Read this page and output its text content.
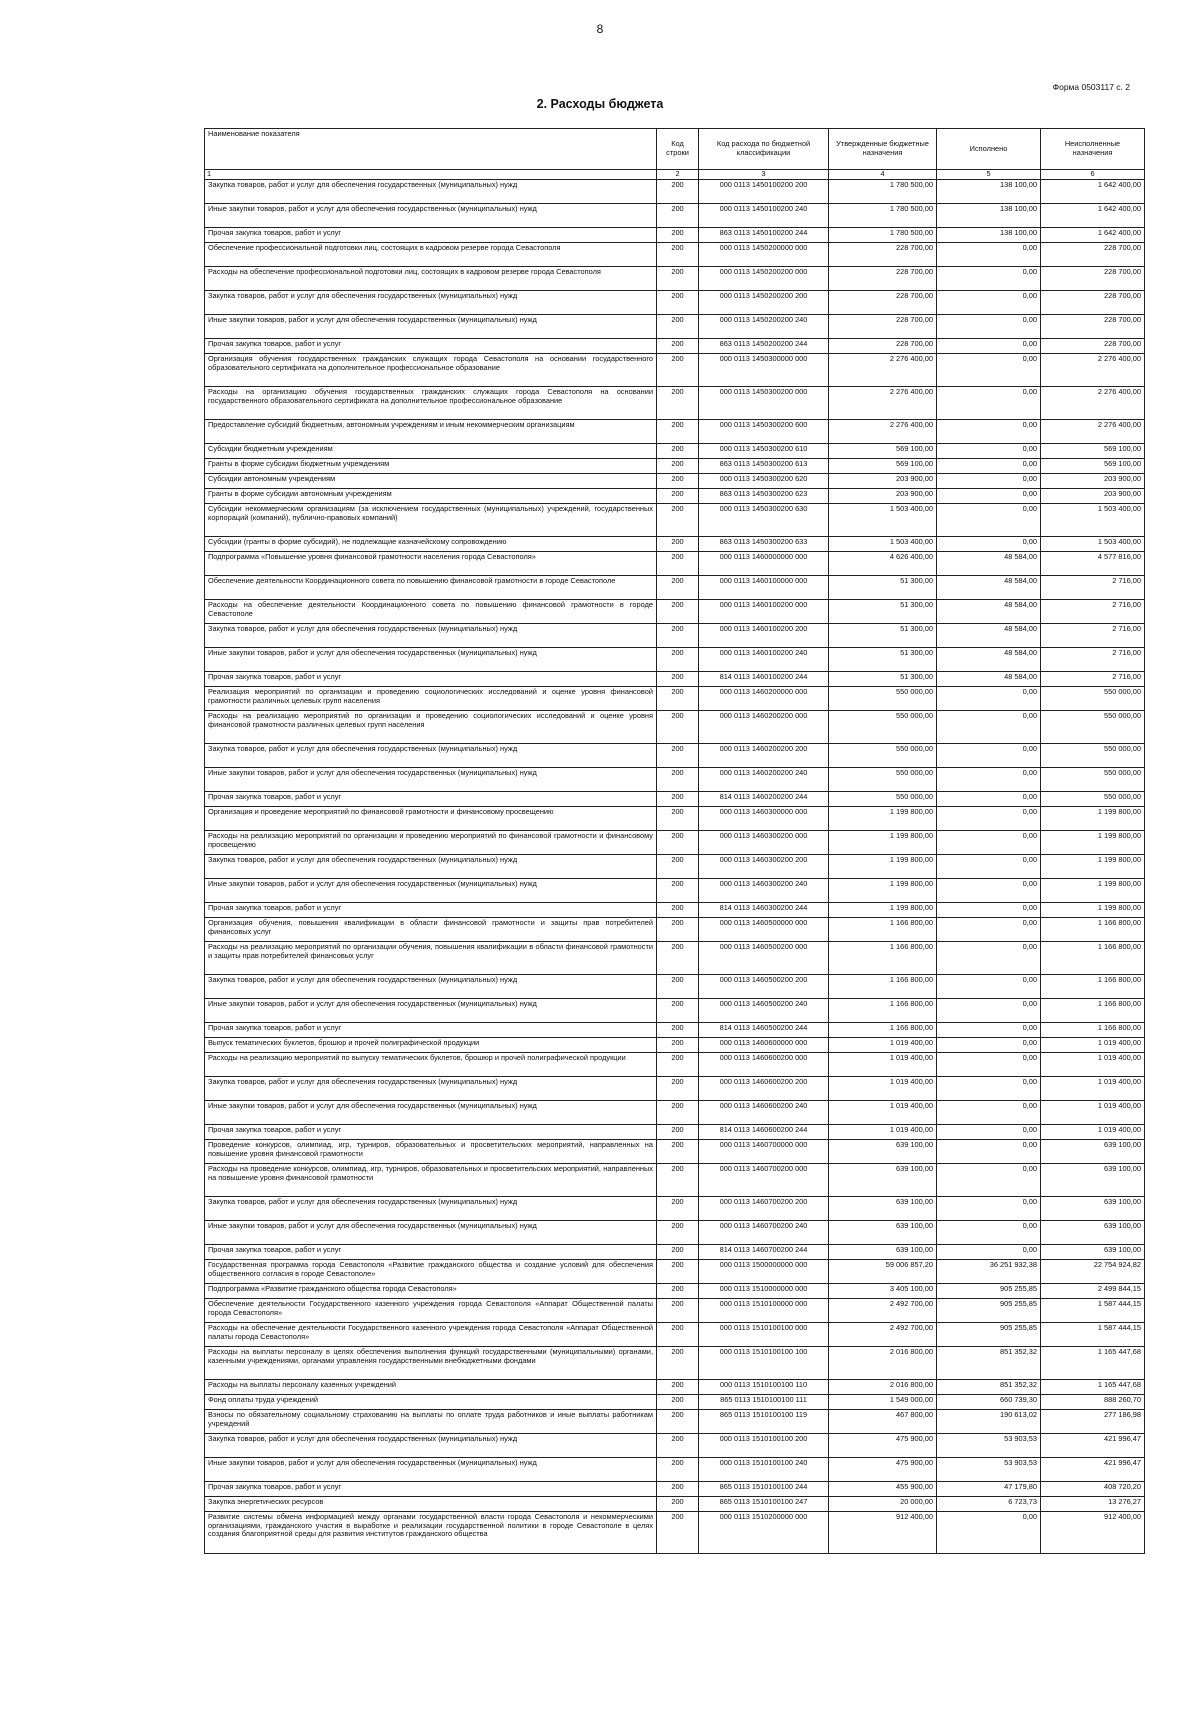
8
Форма 0503117 с. 2
2. Расходы бюджета
Наименование показателя	Код строки	Код расхода по бюджетной классификации	Утвержденные бюджетные назначения	Исполнено	Неисполненные назначения
1	2	3	4	5	6
Закупка товаров, работ и услуг для обеспечения государственных (муниципальных) нужд	200	000 0113 1450100200 200	1 780 500,00	138 100,00	1 642 400,00
Иные закупки товаров, работ и услуг для обеспечения государственных (муниципальных) нужд	200	000 0113 1450100200 240	1 780 500,00	138 100,00	1 642 400,00
Прочая закупка товаров, работ и услуг	200	863 0113 1450100200 244	1 780 500,00	138 100,00	1 642 400,00
Обеспечение профессиональной подготовки лиц, состоящих в кадровом резерве города Севастополя	200	000 0113 1450200000 000	228 700,00	0,00	228 700,00
Расходы на обеспечение профессиональной подготовки лиц, состоящих в кадровом резерве города Севастополя	200	000 0113 1450200200 000	228 700,00	0,00	228 700,00
Закупка товаров, работ и услуг для обеспечения государственных (муниципальных) нужд	200	000 0113 1450200200 200	228 700,00	0,00	228 700,00
Иные закупки товаров, работ и услуг для обеспечения государственных (муниципальных) нужд	200	000 0113 1450200200 240	228 700,00	0,00	228 700,00
Прочая закупка товаров, работ и услуг	200	863 0113 1450200200 244	228 700,00	0,00	228 700,00
Организация обучения государственных гражданских служащих города Севастополя на основании государственного образовательного сертификата на дополнительное профессиональное образование	200	000 0113 1450300000 000	2 276 400,00	0,00	2 276 400,00
Расходы на организацию обучения государственных гражданских служащих города Севастополя на основании государственного образовательного сертификата на дополнительное профессиональное образование	200	000 0113 1450300200 000	2 276 400,00	0,00	2 276 400,00
Предоставление субсидий бюджетным, автономным учреждениям и иным некоммерческим организациям	200	000 0113 1450300200 600	2 276 400,00	0,00	2 276 400,00
Субсидии бюджетным учреждениям	200	000 0113 1450300200 610	569 100,00	0,00	569 100,00
Гранты в форме субсидии бюджетным учреждениям	200	863 0113 1450300200 613	569 100,00	0,00	569 100,00
Субсидии автономным учреждениям	200	000 0113 1450300200 620	203 900,00	0,00	203 900,00
Гранты в форме субсидии автономным учреждениям	200	863 0113 1450300200 623	203 900,00	0,00	203 900,00
Субсидии некоммерческим организациям (за исключением государственных (муниципальных) учреждений, государственных корпораций (компаний), публично-правовых компаний)	200	000 0113 1450300200 630	1 503 400,00	0,00	1 503 400,00
Субсидии (гранты в форме субсидий), не подлежащие казначейскому сопровождению	200	863 0113 1450300200 633	1 503 400,00	0,00	1 503 400,00
Подпрограмма «Повышение уровня финансовой грамотности населения города Севастополя»	200	000 0113 1460000000 000	4 626 400,00	48 584,00	4 577 816,00
Обеспечение деятельности Координационного совета по повышению финансовой грамотности в городе Севастополе	200	000 0113 1460100000 000	51 300,00	48 584,00	2 716,00
Расходы на обеспечение деятельности Координационного совета по повышению финансовой грамотности в городе Севастополе	200	000 0113 1460100200 000	51 300,00	48 584,00	2 716,00
Закупка товаров, работ и услуг для обеспечения государственных (муниципальных) нужд	200	000 0113 1460100200 200	51 300,00	48 584,00	2 716,00
Иные закупки товаров, работ и услуг для обеспечения государственных (муниципальных) нужд	200	000 0113 1460100200 240	51 300,00	48 584,00	2 716,00
Прочая закупка товаров, работ и услуг	200	814 0113 1460100200 244	51 300,00	48 584,00	2 716,00
Реализация мероприятий по организации и проведению социологических исследований и оценке уровня финансовой грамотности различных целевых групп населения	200	000 0113 1460200000 000	550 000,00	0,00	550 000,00
Расходы на реализацию мероприятий по организации и проведению социологических исследований и оценке уровня финансовой грамотности различных целевых групп населения	200	000 0113 1460200200 000	550 000,00	0,00	550 000,00
Закупка товаров, работ и услуг для обеспечения государственных (муниципальных) нужд	200	000 0113 1460200200 200	550 000,00	0,00	550 000,00
Иные закупки товаров, работ и услуг для обеспечения государственных (муниципальных) нужд	200	000 0113 1460200200 240	550 000,00	0,00	550 000,00
Прочая закупка товаров, работ и услуг	200	814 0113 1460200200 244	550 000,00	0,00	550 000,00
Организация и проведение мероприятий по финансовой грамотности и финансовому просвещению	200	000 0113 1460300000 000	1 199 800,00	0,00	1 199 800,00
Расходы на реализацию мероприятий по организации и проведению мероприятий по финансовой грамотности и финансовому просвещению	200	000 0113 1460300200 000	1 199 800,00	0,00	1 199 800,00
Закупка товаров, работ и услуг для обеспечения государственных (муниципальных) нужд	200	000 0113 1460300200 200	1 199 800,00	0,00	1 199 800,00
Иные закупки товаров, работ и услуг для обеспечения государственных (муниципальных) нужд	200	000 0113 1460300200 240	1 199 800,00	0,00	1 199 800,00
Прочая закупка товаров, работ и услуг	200	814 0113 1460300200 244	1 199 800,00	0,00	1 199 800,00
Организация обучения, повышения квалификации в области финансовой грамотности и защиты прав потребителей финансовых услуг	200	000 0113 1460500000 000	1 166 800,00	0,00	1 166 800,00
Расходы на реализацию мероприятий по организации обучения, повышения квалификации в области финансовой грамотности и защиты прав потребителей финансовых услуг	200	000 0113 1460500200 000	1 166 800,00	0,00	1 166 800,00
Закупка товаров, работ и услуг для обеспечения государственных (муниципальных) нужд	200	000 0113 1460500200 200	1 166 800,00	0,00	1 166 800,00
Иные закупки товаров, работ и услуг для обеспечения государственных (муниципальных) нужд	200	000 0113 1460500200 240	1 166 800,00	0,00	1 166 800,00
Прочая закупка товаров, работ и услуг	200	814 0113 1460500200 244	1 166 800,00	0,00	1 166 800,00
Выпуск тематических буклетов, брошюр и прочей полиграфической продукции	200	000 0113 1460600000 000	1 019 400,00	0,00	1 019 400,00
Расходы на реализацию мероприятий по выпуску тематических буклетов, брошюр и прочей полиграфической продукции	200	000 0113 1460600200 000	1 019 400,00	0,00	1 019 400,00
Закупка товаров, работ и услуг для обеспечения государственных (муниципальных) нужд	200	000 0113 1460600200 200	1 019 400,00	0,00	1 019 400,00
Иные закупки товаров, работ и услуг для обеспечения государственных (муниципальных) нужд	200	000 0113 1460600200 240	1 019 400,00	0,00	1 019 400,00
Прочая закупка товаров, работ и услуг	200	814 0113 1460600200 244	1 019 400,00	0,00	1 019 400,00
Проведение конкурсов, олимпиад, игр, турниров, образовательных и просветительских мероприятий, направленных на повышение уровня финансовой грамотности	200	000 0113 1460700000 000	639 100,00	0,00	639 100,00
Расходы на проведение конкурсов, олимпиад, игр, турниров, образовательных и просветительских мероприятий, направленных на повышение уровня финансовой грамотности	200	000 0113 1460700200 000	639 100,00	0,00	639 100,00
Закупка товаров, работ и услуг для обеспечения государственных (муниципальных) нужд	200	000 0113 1460700200 200	639 100,00	0,00	639 100,00
Иные закупки товаров, работ и услуг для обеспечения государственных (муниципальных) нужд	200	000 0113 1460700200 240	639 100,00	0,00	639 100,00
Прочая закупка товаров, работ и услуг	200	814 0113 1460700200 244	639 100,00	0,00	639 100,00
Государственная программа города Севастополя «Развитие гражданского общества и создание условий для обеспечения общественного согласия в городе Севастополе»	200	000 0113 1500000000 000	59 006 857,20	36 251 932,38	22 754 924,82
Подпрограмма «Развитие гражданского общества города Севастополя»	200	000 0113 1510000000 000	3 405 100,00	905 255,85	2 499 844,15
Обеспечение деятельности Государственного казенного учреждения города Севастополя «Аппарат Общественной палаты города Севастополя»	200	000 0113 1510100000 000	2 492 700,00	905 255,85	1 587 444,15
Расходы на обеспечение деятельности Государственного казенного учреждения города Севастополя «Аппарат Общественной палаты города Севастополя»	200	000 0113 1510100100 000	2 492 700,00	905 255,85	1 587 444,15
Расходы на выплаты персоналу в целях обеспечения выполнения функций государственными (муниципальными) органами, казенными учреждениями, органами управления государственными внебюджетными фондами	200	000 0113 1510100100 100	2 016 800,00	851 352,32	1 165 447,68
Расходы на выплаты персоналу казенных учреждений	200	000 0113 1510100100 110	2 016 800,00	851 352,32	1 165 447,68
Фонд оплаты труда учреждений	200	865 0113 1510100100 111	1 549 000,00	660 739,30	888 260,70
Взносы по обязательному социальному страхованию на выплаты по оплате труда работников и иные выплаты работникам учреждений	200	865 0113 1510100100 119	467 800,00	190 613,02	277 186,98
Закупка товаров, работ и услуг для обеспечения государственных (муниципальных) нужд	200	000 0113 1510100100 200	475 900,00	53 903,53	421 996,47
Иные закупки товаров, работ и услуг для обеспечения государственных (муниципальных) нужд	200	000 0113 1510100100 240	475 900,00	53 903,53	421 996,47
Прочая закупка товаров, работ и услуг	200	865 0113 1510100100 244	455 900,00	47 179,80	408 720,20
Закупка энергетических ресурсов	200	865 0113 1510100100 247	20 000,00	6 723,73	13 276,27
Развитие системы обмена информацией между органами государственной власти города Севастополя и некоммерческими организациями, гражданского участия в выработке и реализации государственной политики в городе Севастополе в целях создания благоприятной среды для развития институтов гражданского общества	200	000 0113 1510200000 000	912 400,00	0,00	912 400,00
